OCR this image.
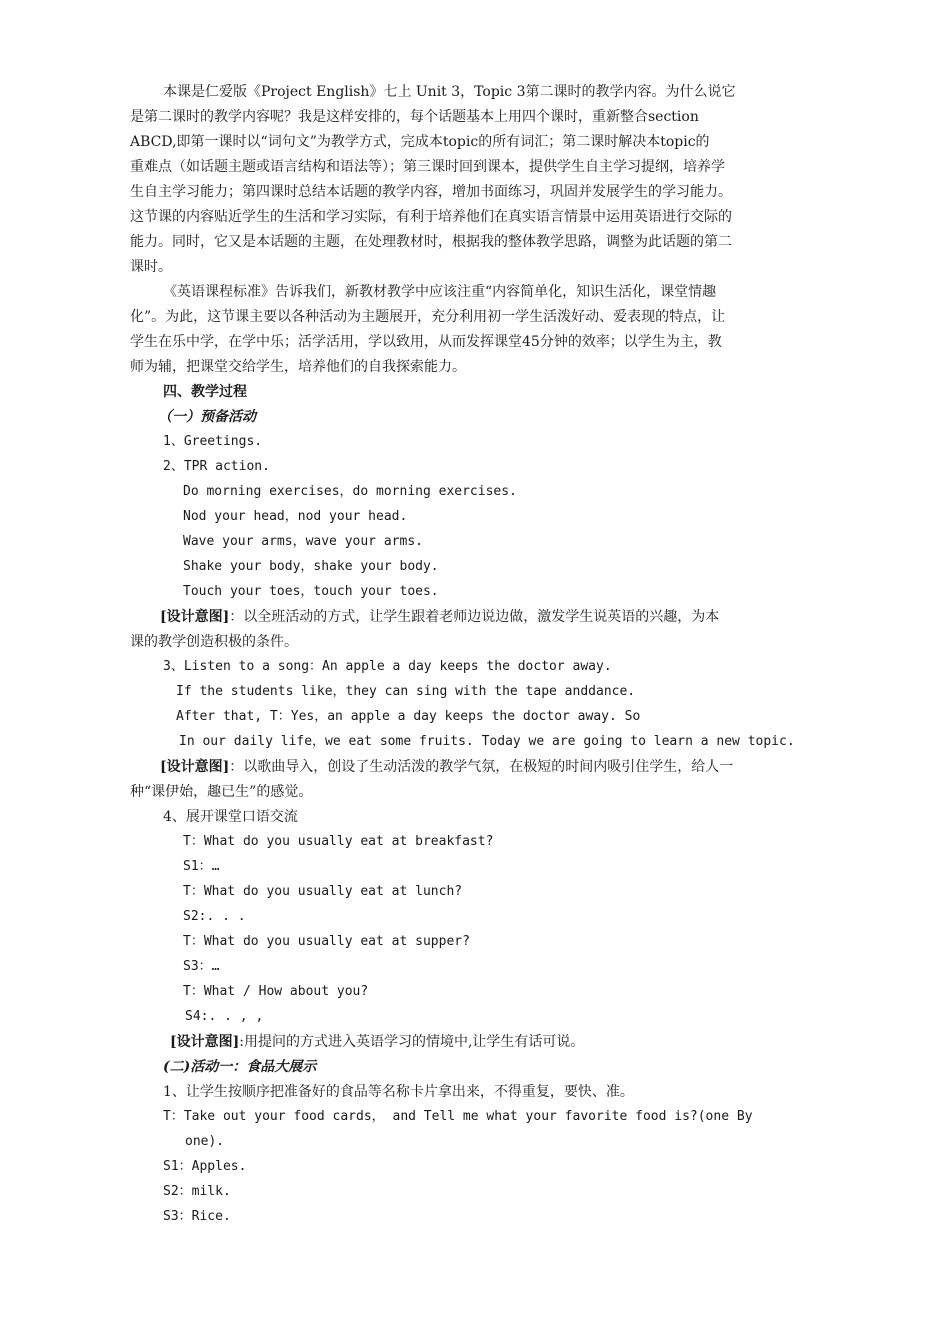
本课是仁爱版《Project English》七上 Unit 3，Topic 3第二课时的教学内容。为什么说它

是第二课时的教学内容呢？我是这样安排的，每个话题基本上用四个课时，重新整合section

ABCD,即第一课时以“词句文”为教学方式，完成本topic的所有词汇；第二课时解决本topic的

重难点（如话题主题或语言结构和语法等）；第三课时回到课本，提供学生自主学习提纲，培养学

生自主学习能力；第四课时总结本话题的教学内容，增加书面练习，巩固并发展学生的学习能力。

这节课的内容贴近学生的生活和学习实际，有利于培养他们在真实语言情景中运用英语进行交际的

能力。同时，它又是本话题的主题，在处理教材时，根据我的整体教学思路，调整为此话题的第二

课时。

《英语课程标准》告诉我们，新教材教学中应该注重“内容简单化，知识生活化，课堂情趣

化”。为此，这节课主要以各种活动为主题展开，充分利用初一学生活泼好动、爱表现的特点，让

学生在乐中学，在学中乐；活学活用，学以致用，从而发挥课堂45分钟的效率；以学生为主，教

师为辅，把课堂交给学生，培养他们的自我探索能力。

四、教学过程

（一）预备活动

1、Greetings.

2、TPR action.

Do morning exercises，do morning exercises.

Nod your head，nod your head.

Wave your arms，wave your arms.

Shake your body，shake your body.

Touch your toes，touch your toes.

[设计意图]：以全班活动的方式，让学生跟着老师边说边做，激发学生说英语的兴趣，为本

课的教学创造积极的条件。

3、Listen to a song：An apple a day keeps the doctor away.

If the students like，they can sing with the tape anddance.

After that, T：Yes，an apple a day keeps the doctor away. So

In our daily life，we eat some fruits. Today we are going to learn a new topic.

[设计意图]：以歌曲导入，创设了生动活泼的教学气氛，在极短的时间内吸引住学生，给人一

种“课伊始，趣已生”的感觉。

4、展开课堂口语交流

T：What do you usually eat at breakfast?

S1：…

T：What do you usually eat at lunch?

S2:. . .

T：What do you usually eat at supper?

S3：…

T：What / How about you?

S4:. . , ,

[设计意图]:用提问的方式进入英语学习的情境中,让学生有话可说。

(二)活动一：食品大展示

1、让学生按顺序把准备好的食品等名称卡片拿出来，不得重复，要快、准。

T：Take out your food cards， and Tell me what your favorite food is?(one By

one).

S1：Apples.

S2：milk.

S3：Rice.
